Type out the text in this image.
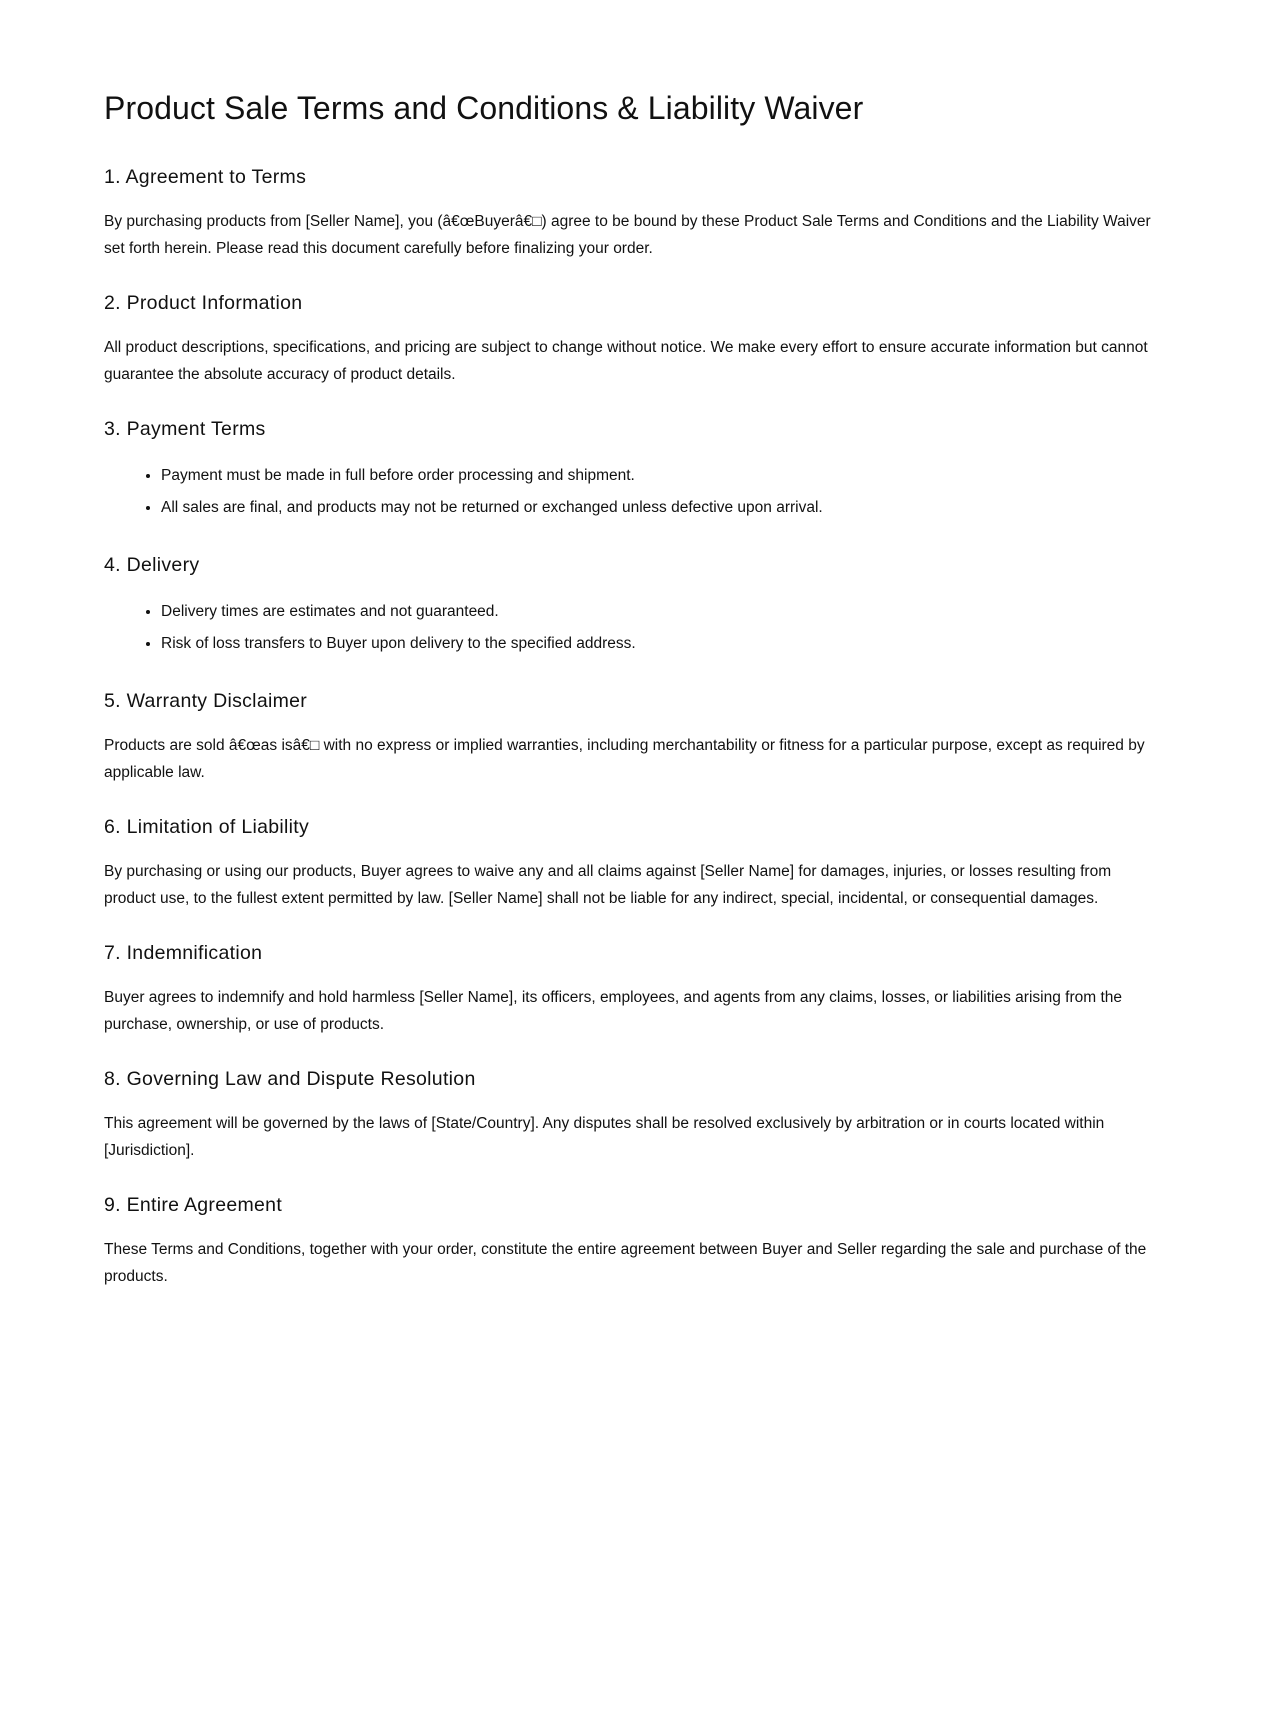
Product Sale Terms and Conditions & Liability Waiver
1. Agreement to Terms

By purchasing products from [Seller Name], you (â€œBuyerâ€□) agree to be bound by these Product Sale Terms and Conditions and the Liability Waiver set forth herein. Please read this document carefully before finalizing your order.

2. Product Information

All product descriptions, specifications, and pricing are subject to change without notice. We make every effort to ensure accurate information but cannot guarantee the absolute accuracy of product details.

3. Payment Terms
• Payment must be made in full before order processing and shipment.
• All sales are final, and products may not be returned or exchanged unless defective upon arrival.
4. Delivery
• Delivery times are estimates and not guaranteed.
• Risk of loss transfers to Buyer upon delivery to the specified address.
5. Warranty Disclaimer

Products are sold â€œas isâ€□ with no express or implied warranties, including merchantability or fitness for a particular purpose, except as required by applicable law.

6. Limitation of Liability

By purchasing or using our products, Buyer agrees to waive any and all claims against [Seller Name] for damages, injuries, or losses resulting from product use, to the fullest extent permitted by law. [Seller Name] shall not be liable for any indirect, special, incidental, or consequential damages.

7. Indemnification

Buyer agrees to indemnify and hold harmless [Seller Name], its officers, employees, and agents from any claims, losses, or liabilities arising from the purchase, ownership, or use of products.

8. Governing Law and Dispute Resolution

This agreement will be governed by the laws of [State/Country]. Any disputes shall be resolved exclusively by arbitration or in courts located within [Jurisdiction].

9. Entire Agreement

These Terms and Conditions, together with your order, constitute the entire agreement between Buyer and Seller regarding the sale and purchase of the products.
